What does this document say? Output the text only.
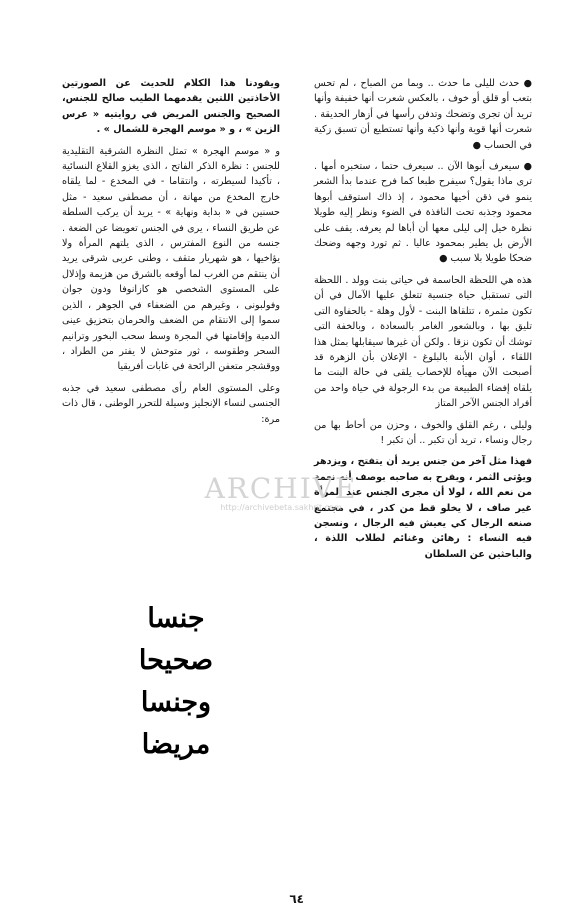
● حدث لليلى ما حدث .. وبما من الصباح ، لم تحس بتعب أو قلق أو خوف ، بالعكس شعرت أنها خفيفة وأنها تريد أن تجرى وتضحك وتدفن رأسها في أزهار الحديقة . شعرت أنها قوية وأنها ذكية وأنها تستطيع أن تسبق زكية في الحساب ●

● سيعرف أبوها الآن .. سيعرف حتما ، ستخبره أمها . ترى ماذا يقول؟ سيفرح طبعا كما فرح عندما بدأ الشعر ينمو في ذقن أخيها محمود ، إذ ذاك استوقف أبوها محمود وجذبه تحت النافذة في الضوء ونظر إليه طويلا نظرة خيل إلى ليلى معها أن أباها لم يعرفه. يقف على الأرض بل يطير بمحمود عاليا . ثم تورد وجهه وضحك ضحكا طويلا بلا سبب ●

هذه هي اللحظة الحاسمة في حياتى بنت وولد . اللحظة التى تستقبل حياة جنسية تتعلق عليها الآمال في أن تكون مثمرة ، تتلقاها البنت - لأول وهلة - بالحفاوة التى تليق بها ، وبالشعور الغامر بالسعادة ، وبالخفة التى توشك أن تكون نزقا . ولكن أن غيرها سيقابلها بمثل هذا اللقاء ، أوان الأبنة بالبلوغ - الإعلان بأن الزهرة قد أصبحت الآن مهيأة للإخصاب يلقى في حالة البنت ما يلقاه إفضاء الطبيعة من بدء الرجولة في حياة واحد من أفراد الجنس الآخر المتاز

وليلى ، رغم القلق والخوف ، وحزن من أحاط بها من رجال ونساء ، تريد أن تكبر .. أن تكبر !

فهذا مثل آخر من جنس يريد أن يتفتح ، ويزدهر ويؤتى الثمر ، ويفرح به صاحبه بوصف أنه نعمة من نعم الله ، لولا أن مجرى الجنس عند المرأة غير صاف ، لا يخلو قط من كدر ، في مجتمع صنعه الرجال كي يعيش فيه الرجال ، ونسجن فيه النساء : رهائن وغنائم لطلاب اللذة ، والباحثين عن السلطان

ويقودنا هذا الكلام للحديث عن الصورتين الأخاذتين اللتين يقدمهما الطيب صالح للجنس، الصحيح والجنس المريض في روايتيه « عرس الزين » ، و « موسم الهجرة للشمال » .

و « موسم الهجرة » تمثل النظرة الشرقية التقليدية للجنس : نظرة الذكر الفاتح ، الذى يغزو القلاع النسائية ، تأكيدا لسيطرته ، وانتقاما - في المخدع - لما يلقاه خارج المخدع من مهانة ، أن مصطفى سعيد - مثل حسنين في « بداية ونهاية » - يريد أن يركب السلطة عن طريق النساء ، يرى في الجنس تعويضا عن الضعة . جنسه من النوع المفترس ، الذى يلتهم المرأة ولا يؤاخيها ، هو شهريار متقف ، وطنى عربى شرقى يريد أن ينتقم من الغرب لما أوقعه بالشرق من هزيمة وإذلال على المستوى الشخصي هو كازانوفا ودون جوان وفولبونى ، وغيرهم من الضعفاء في الجوهر ، الذين سموا إلى الانتقام من الضعف والحرمان بتخزيق عينى الدمية وإقامتها في المجرة وسط سحب البخور وترانيم السحر وطقوسه ، ثور متوحش لا يفتر من الطراد ، ووقشجر متعفن الرائحة في غابات أفريقيا

وعلى المستوى العام رأى مصطفى سعيد في جذبه الجنسى لنساء الإنجليز وسيلة للتحرر الوطنى ، قال ذات مرة:

جنسا
صحيحا
وجنسا
مريضا
ARCHIVE
http://archivebeta.sakhrit.com
٦٤
